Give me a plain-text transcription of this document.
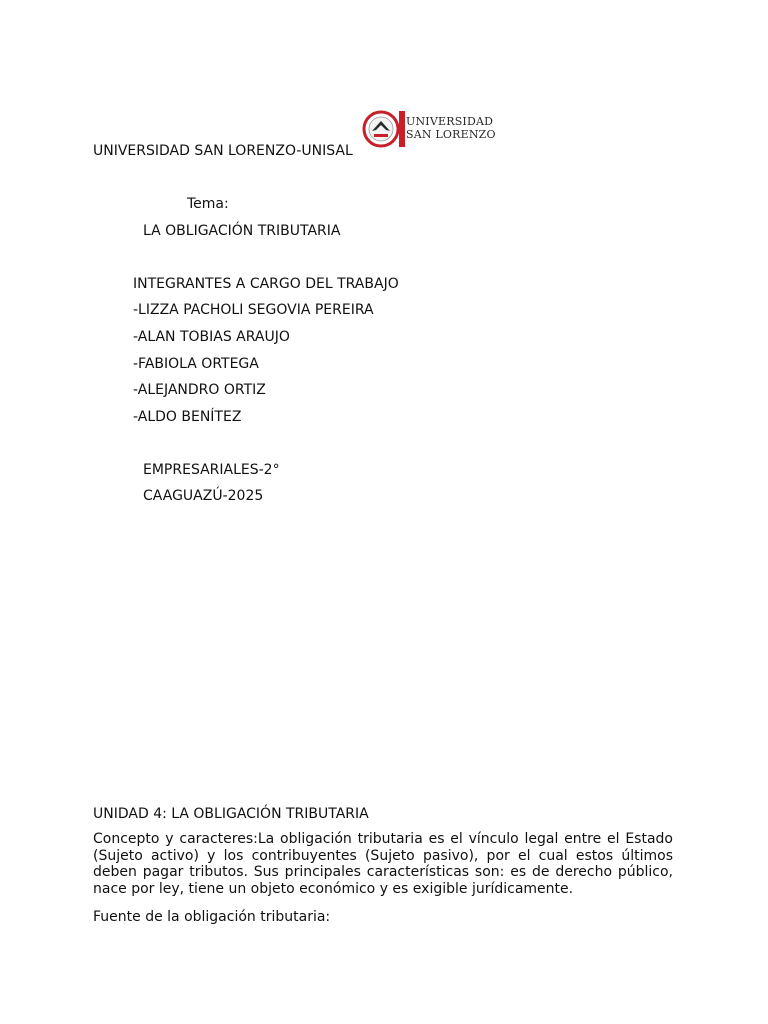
UNIVERSIDAD
SAN LORENZO
UNIVERSIDAD SAN LORENZO-UNISAL
Tema:
LA OBLIGACIÓN TRIBUTARIA
INTEGRANTES A CARGO DEL TRABAJO
-LIZZA PACHOLI SEGOVIA PEREIRA
-ALAN TOBIAS ARAUJO
-FABIOLA ORTEGA
-ALEJANDRO ORTIZ
-ALDO BENÍTEZ
EMPRESARIALES-2°
CAAGUAZÚ-2025
UNIDAD 4: LA OBLIGACIÓN TRIBUTARIA
Concepto y caracteres:La obligación tributaria es el vínculo legal entre el Estado (Sujeto activo) y los contribuyentes (Sujeto pasivo), por el cual estos últimos deben pagar tributos. Sus principales características son: es de derecho público, nace por ley, tiene un objeto económico y es exigible jurídicamente.
Fuente de la obligación tributaria:
